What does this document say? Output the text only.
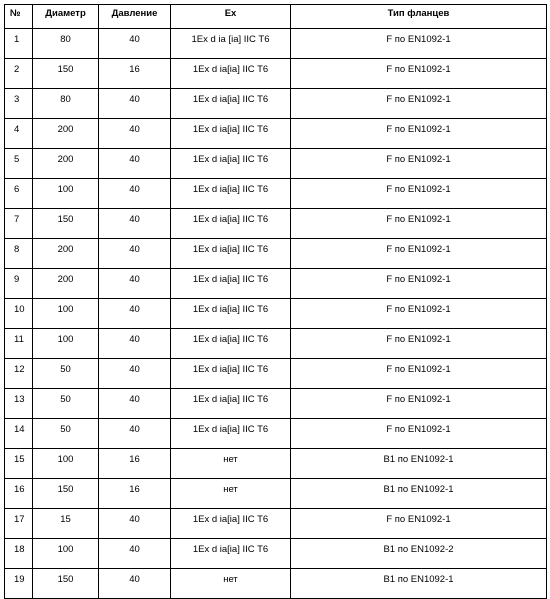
№	Диаметр	Давление	Ex	Тип фланцев
1	80	40	1Ex d ia [ia] IIC T6	F по EN1092-1
2	150	16	1Ex d ia[ia] IIC T6	F по EN1092-1
3	80	40	1Ex d ia[ia] IIC T6	F по EN1092-1
4	200	40	1Ex d ia[ia] IIC T6	F по EN1092-1
5	200	40	1Ex d ia[ia] IIC T6	F по EN1092-1
6	100	40	1Ex d ia[ia] IIC T6	F по EN1092-1
7	150	40	1Ex d ia[ia] IIC T6	F по EN1092-1
8	200	40	1Ex d ia[ia] IIC T6	F по EN1092-1
9	200	40	1Ex d ia[ia] IIC T6	F по EN1092-1
10	100	40	1Ex d ia[ia] IIC T6	F по EN1092-1
11	100	40	1Ex d ia[ia] IIC T6	F по EN1092-1
12	50	40	1Ex d ia[ia] IIC T6	F по EN1092-1
13	50	40	1Ex d ia[ia] IIC T6	F по EN1092-1
14	50	40	1Ex d ia[ia] IIC T6	F по EN1092-1
15	100	16	нет	B1 по EN1092-1
16	150	16	нет	B1 по EN1092-1
17	15	40	1Ex d ia[ia] IIC T6	F по EN1092-1
18	100	40	1Ex d ia[ia] IIC T6	B1 по EN1092-2
19	150	40	нет	B1 по EN1092-1
